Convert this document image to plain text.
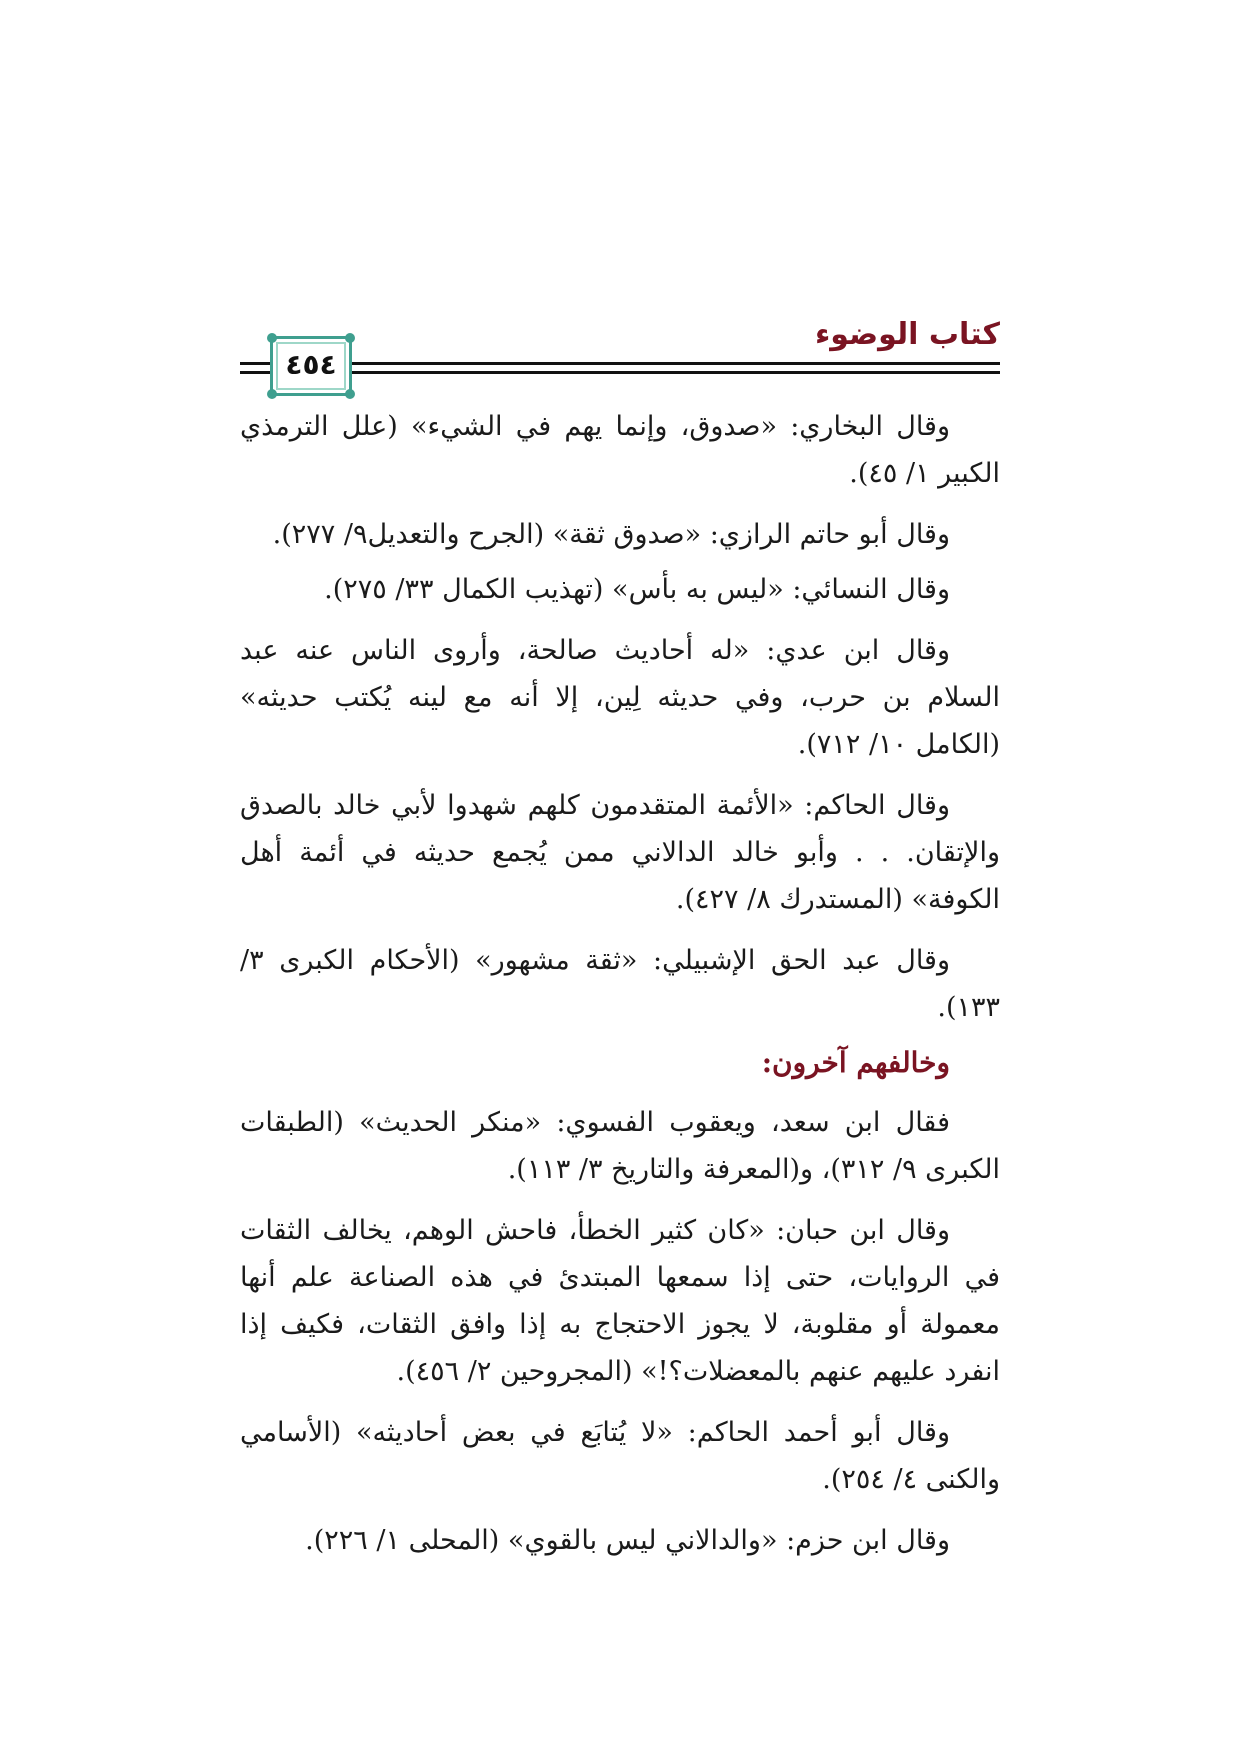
كتاب الوضوء
٤٥٤

وقال البخاري: «صدوق، وإنما يهم في الشيء» (علل الترمذي الكبير ١/ ٤٥).

وقال أبو حاتم الرازي: «صدوق ثقة» (الجرح والتعديل٩/ ٢٧٧).

وقال النسائي: «ليس به بأس» (تهذيب الكمال ٣٣/ ٢٧٥).

وقال ابن عدي: «له أحاديث صالحة، وأروى الناس عنه عبد السلام بن حرب، وفي حديثه لِين، إلا أنه مع لينه يُكتب حديثه» (الكامل ١٠/ ٧١٢).

وقال الحاكم: «الأئمة المتقدمون كلهم شهدوا لأبي خالد بالصدق والإتقان. . . وأبو خالد الدالاني ممن يُجمع حديثه في أئمة أهل الكوفة» (المستدرك ٨/ ٤٢٧).

وقال عبد الحق الإشبيلي: «ثقة مشهور» (الأحكام الكبرى ٣/ ١٣٣).

وخالفهم آخرون:

فقال ابن سعد، ويعقوب الفسوي: «منكر الحديث» (الطبقات الكبرى ٩/ ٣١٢)، و(المعرفة والتاريخ ٣/ ١١٣).

وقال ابن حبان: «كان كثير الخطأ، فاحش الوهم، يخالف الثقات في الروايات، حتى إذا سمعها المبتدئ في هذه الصناعة علم أنها معمولة أو مقلوبة، لا يجوز الاحتجاج به إذا وافق الثقات، فكيف إذا انفرد عليهم عنهم بالمعضلات؟!» (المجروحين ٢/ ٤٥٦).

وقال أبو أحمد الحاكم: «لا يُتابَع في بعض أحاديثه» (الأسامي والكنى ٤/ ٢٥٤).

وقال ابن حزم: «والدالاني ليس بالقوي» (المحلى ١/ ٢٢٦).
